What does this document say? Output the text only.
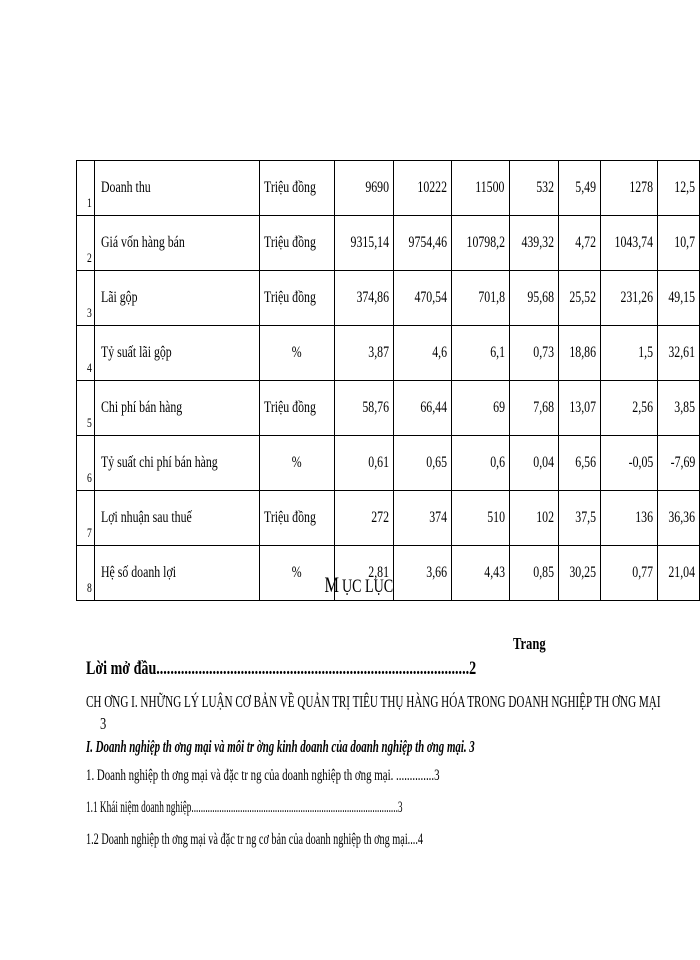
1	Doanh thu	Triệu đồng	9690	10222	11500	532	5,49	1278	12,5
2	Giá vốn hàng bán	Triệu đồng	9315,14	9754,46	10798,2	439,32	4,72	1043,74	10,7
3	Lãi gộp	Triệu đồng	374,86	470,54	701,8	95,68	25,52	231,26	49,15
4	Tỷ suất lãi gộp	%	3,87	4,6	6,1	0,73	18,86	1,5	32,61
5	Chi phí bán hàng	Triệu đồng	58,76	66,44	69	7,68	13,07	2,56	3,85
6	Tỷ suất chi phí bán hàng	%	0,61	0,65	0,6	0,04	6,56	-0,05	-7,69
7	Lợi nhuận sau thuế	Triệu đồng	272	374	510	102	37,5	136	36,36
8	Hệ số doanh lợi	%	2,81	3,66	4,43	0,85	30,25	0,77	21,04
M ỤC LỤC
Trang
Lời mở đầu.........................................................................................2
CH ƠNG I. NHỮNG LÝ LUẬN CƠ BẢN VỀ QUẢN TRỊ TIÊU THỤ HÀNG HÓA TRONG DOANH NGHIỆP TH ƠNG MẠI
3
I. Doanh nghiệp th ơng mại và môi tr ờng kinh doanh của doanh nghiệp th ơng mại. 3
1. Doanh nghiệp th ơng mại và đặc tr ng của doanh nghiệp th ơng mại. ..............3
1.1 Khái niệm doanh nghiệp.........................................................................................3
1.2 Doanh nghiệp th ơng mại và đặc tr ng cơ bản của doanh nghiệp th ơng mại....4
